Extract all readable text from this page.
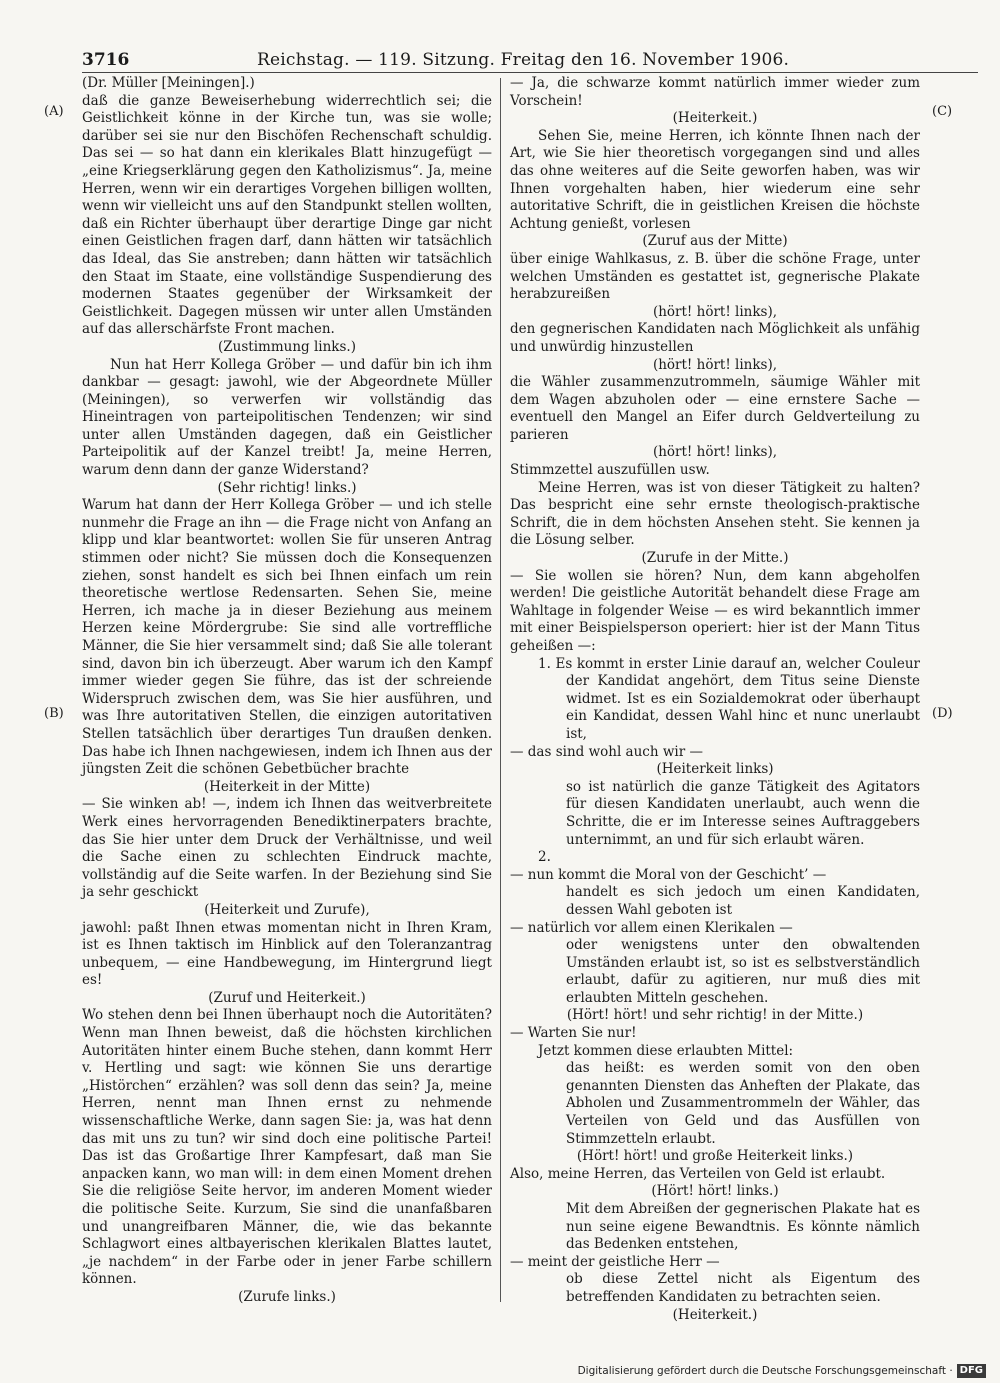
3716	Reichstag. — 119. Sitzung. Freitag den 16. November 1906.

(Dr. Müller [Meiningen].)

daß die ganze Beweiserhebung widerrechtlich sei; die Geistlichkeit könne in der Kirche tun, was sie wolle; darüber sei sie nur den Bischöfen Rechenschaft schuldig. Das sei — so hat dann ein klerikales Blatt hinzugefügt — „eine Kriegserklärung gegen den Katholizismus“. Ja, meine Herren, wenn wir ein derartiges Vorgehen billigen wollten, wenn wir vielleicht uns auf den Standpunkt stellen wollten, daß ein Richter überhaupt über derartige Dinge gar nicht einen Geistlichen fragen darf, dann hätten wir tatsächlich das Ideal, das Sie anstreben; dann hätten wir tatsächlich den Staat im Staate, eine vollständige Suspendierung des modernen Staates gegenüber der Wirksamkeit der Geistlichkeit. Dagegen müssen wir unter allen Umständen auf das allerschärfste Front machen.

(Zustimmung links.)

Nun hat Herr Kollega Gröber — und dafür bin ich ihm dankbar — gesagt: jawohl, wie der Abgeordnete Müller (Meiningen), so verwerfen wir vollständig das Hineintragen von parteipolitischen Tendenzen; wir sind unter allen Umständen dagegen, daß ein Geistlicher Parteipolitik auf der Kanzel treibt! Ja, meine Herren, warum denn dann der ganze Widerstand?

(Sehr richtig! links.)

Warum hat dann der Herr Kollega Gröber — und ich stelle nunmehr die Frage an ihn — die Frage nicht von Anfang an klipp und klar beantwortet: wollen Sie für unseren Antrag stimmen oder nicht? Sie müssen doch die Konsequenzen ziehen, sonst handelt es sich bei Ihnen einfach um rein theoretische wertlose Redensarten. Sehen Sie, meine Herren, ich mache ja in dieser Beziehung aus meinem Herzen keine Mördergrube: Sie sind alle vortreffliche Männer, die Sie hier versammelt sind; daß Sie alle tolerant sind, davon bin ich überzeugt. Aber warum ich den Kampf immer wieder gegen Sie führe, das ist der schreiende Widerspruch zwischen dem, was Sie hier ausführen, und was Ihre autoritativen Stellen, die einzigen autoritativen Stellen tatsächlich über derartiges Tun draußen denken. Das habe ich Ihnen nachgewiesen, indem ich Ihnen aus der jüngsten Zeit die schönen Gebetbücher brachte

(Heiterkeit in der Mitte)

— Sie winken ab! —, indem ich Ihnen das weitverbreitete Werk eines hervorragenden Benediktinerpaters brachte, das Sie hier unter dem Druck der Verhältnisse, und weil die Sache einen zu schlechten Eindruck machte, vollständig auf die Seite warfen. In der Beziehung sind Sie ja sehr geschickt

(Heiterkeit und Zurufe),

jawohl: paßt Ihnen etwas momentan nicht in Ihren Kram, ist es Ihnen taktisch im Hinblick auf den Toleranzantrag unbequem, — eine Handbewegung, im Hintergrund liegt es!

(Zuruf und Heiterkeit.)

Wo stehen denn bei Ihnen überhaupt noch die Autoritäten? Wenn man Ihnen beweist, daß die höchsten kirchlichen Autoritäten hinter einem Buche stehen, dann kommt Herr v. Hertling und sagt: wie können Sie uns derartige „Histörchen“ erzählen? was soll denn das sein? Ja, meine Herren, nennt man Ihnen ernst zu nehmende wissenschaftliche Werke, dann sagen Sie: ja, was hat denn das mit uns zu tun? wir sind doch eine politische Partei! Das ist das Großartige Ihrer Kampfesart, daß man Sie anpacken kann, wo man will: in dem einen Moment drehen Sie die religiöse Seite hervor, im anderen Moment wieder die politische Seite. Kurzum, Sie sind die unanfaßbaren und unangreifbaren Männer, die, wie das bekannte Schlagwort eines altbayerischen klerikalen Blattes lautet, „je nachdem“ in der Farbe oder in jener Farbe schillern können.

(Zurufe links.)

— Ja, die schwarze kommt natürlich immer wieder zum Vorschein!

(Heiterkeit.)

Sehen Sie, meine Herren, ich könnte Ihnen nach der Art, wie Sie hier theoretisch vorgegangen sind und alles das ohne weiteres auf die Seite geworfen haben, was wir Ihnen vorgehalten haben, hier wiederum eine sehr autoritative Schrift, die in geistlichen Kreisen die höchste Achtung genießt, vorlesen

(Zuruf aus der Mitte)

über einige Wahlkasus, z. B. über die schöne Frage, unter welchen Umständen es gestattet ist, gegnerische Plakate herabzureißen

(hört! hört! links),

den gegnerischen Kandidaten nach Möglichkeit als unfähig und unwürdig hinzustellen

(hört! hört! links),

die Wähler zusammenzutrommeln, säumige Wähler mit dem Wagen abzuholen oder — eine ernstere Sache — eventuell den Mangel an Eifer durch Geldverteilung zu parieren

(hört! hört! links),

Stimmzettel auszufüllen usw.

Meine Herren, was ist von dieser Tätigkeit zu halten? Das bespricht eine sehr ernste theologisch-praktische Schrift, die in dem höchsten Ansehen steht. Sie kennen ja die Lösung selber.

(Zurufe in der Mitte.)

— Sie wollen sie hören? Nun, dem kann abgeholfen werden! Die geistliche Autorität behandelt diese Frage am Wahltage in folgender Weise — es wird bekanntlich immer mit einer Beispielsperson operiert: hier ist der Mann Titus geheißen —:

1. Es kommt in erster Linie darauf an, welcher Couleur der Kandidat angehört, dem Titus seine Dienste widmet. Ist es ein Sozialdemokrat oder überhaupt ein Kandidat, dessen Wahl hinc et nunc unerlaubt ist,

— das sind wohl auch wir —

(Heiterkeit links)

so ist natürlich die ganze Tätigkeit des Agitators für diesen Kandidaten unerlaubt, auch wenn die Schritte, die er im Interesse seines Auftraggebers unternimmt, an und für sich erlaubt wären.

2.

— nun kommt die Moral von der Geschicht’ —

handelt es sich jedoch um einen Kandidaten, dessen Wahl geboten ist

— natürlich vor allem einen Klerikalen —

oder wenigstens unter den obwaltenden Umständen erlaubt ist, so ist es selbstverständlich erlaubt, dafür zu agitieren, nur muß dies mit erlaubten Mitteln geschehen.

(Hört! hört! und sehr richtig! in der Mitte.)

— Warten Sie nur!

Jetzt kommen diese erlaubten Mittel:

das heißt: es werden somit von den oben genannten Diensten das Anheften der Plakate, das Abholen und Zusammentrommeln der Wähler, das Verteilen von Geld und das Ausfüllen von Stimmzetteln erlaubt.

(Hört! hört! und große Heiterkeit links.)

Also, meine Herren, das Verteilen von Geld ist erlaubt.

(Hört! hört! links.)

Mit dem Abreißen der gegnerischen Plakate hat es nun seine eigene Bewandtnis. Es könnte nämlich das Bedenken entstehen,

— meint der geistliche Herr —

ob diese Zettel nicht als Eigentum des betreffenden Kandidaten zu betrachten seien.

(Heiterkeit.)

(A)
(B)
(C)
(D)
Digitalisierung gefördert durch die Deutsche Forschungsgemeinschaft · DFG
